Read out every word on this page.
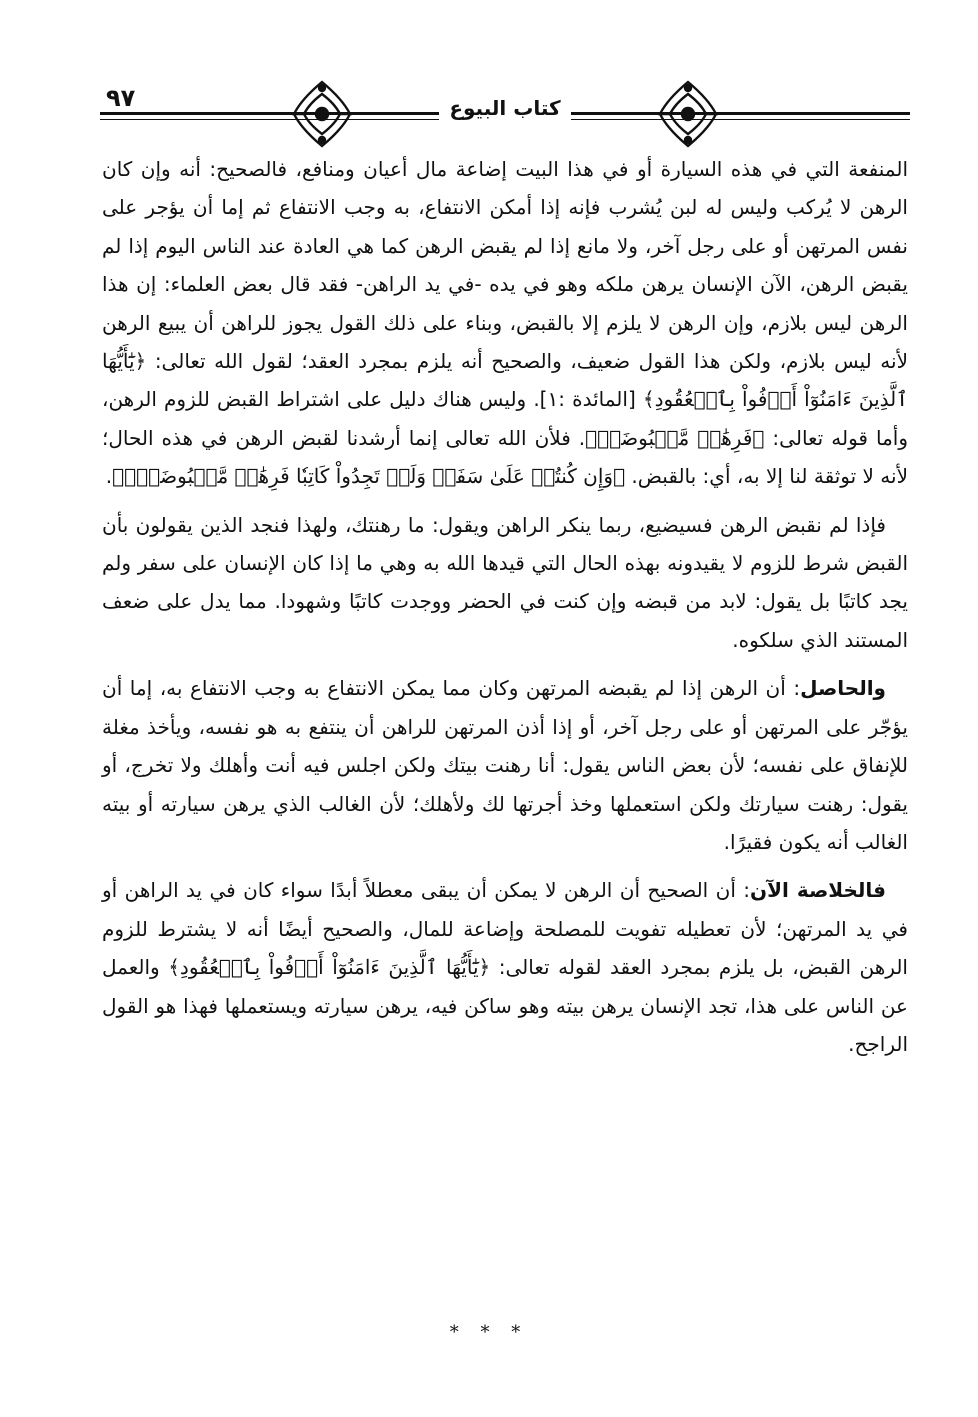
٩٧	كتاب البيوع

المنفعة التي في هذه السيارة أو في هذا البيت إضاعة مال أعيان ومنافع، فالصحيح: أنه وإن كان الرهن لا يُركب وليس له لبن يُشرب فإنه إذا أمكن الانتفاع، به وجب الانتفاع ثم إما أن يؤجر على نفس المرتهن أو على رجل آخر، ولا مانع إذا لم يقبض الرهن كما هي العادة عند الناس اليوم إذا لم يقبض الرهن، الآن الإنسان يرهن ملكه وهو في يده -في يد الراهن- فقد قال بعض العلماء: إن هذا الرهن ليس بلازم، وإن الرهن لا يلزم إلا بالقبض، وبناء على ذلك القول يجوز للراهن أن يبيع الرهن لأنه ليس بلازم، ولكن هذا القول ضعيف، والصحيح أنه يلزم بمجرد العقد؛ لقول الله تعالى: ﴿يَٰٓأَيُّهَا ٱلَّذِينَ ءَامَنُوٓاْ أَوۡفُواْ بِٱلۡعُقُودِ﴾ [المائدة :١]. وليس هناك دليل على اشتراط القبض للزوم الرهن، وأما قوله تعالى: ﴿فَرِهَٰنٞ مَّقۡبُوضَةٞ﴾. فلأن الله تعالى إنما أرشدنا لقبض الرهن في هذه الحال؛ لأنه لا توثقة لنا إلا به، أي: بالقبض. ﴿وَإِن كُنتُمۡ عَلَىٰ سَفَرٖ وَلَمۡ تَجِدُواْ كَاتِبٗا فَرِهَٰنٞ مَّقۡبُوضَةٞۖ﴾.

فإذا لم نقبض الرهن فسيضيع، ربما ينكر الراهن ويقول: ما رهنتك، ولهذا فنجد الذين يقولون بأن القبض شرط للزوم لا يقيدونه بهذه الحال التي قيدها الله به وهي ما إذا كان الإنسان على سفر ولم يجد كاتبًا بل يقول: لابد من قبضه وإن كنت في الحضر ووجدت كاتبًا وشهودا. مما يدل على ضعف المستند الذي سلكوه.

والحاصل: أن الرهن إذا لم يقبضه المرتهن وكان مما يمكن الانتفاع به وجب الانتفاع به، إما أن يؤجّر على المرتهن أو على رجل آخر، أو إذا أذن المرتهن للراهن أن ينتفع به هو نفسه، ويأخذ مغلة للإنفاق على نفسه؛ لأن بعض الناس يقول: أنا رهنت بيتك ولكن اجلس فيه أنت وأهلك ولا تخرج، أو يقول: رهنت سيارتك ولكن استعملها وخذ أجرتها لك ولأهلك؛ لأن الغالب الذي يرهن سيارته أو بيته الغالب أنه يكون فقيرًا.

فالخلاصة الآن: أن الصحيح أن الرهن لا يمكن أن يبقى معطلاً أبدًا سواء كان في يد الراهن أو في يد المرتهن؛ لأن تعطيله تفويت للمصلحة وإضاعة للمال، والصحيح أيضًا أنه لا يشترط للزوم الرهن القبض، بل يلزم بمجرد العقد لقوله تعالى: ﴿يَٰٓأَيُّهَا ٱلَّذِينَ ءَامَنُوٓاْ أَوۡفُواْ بِٱلۡعُقُودِ﴾ والعمل عن الناس على هذا، تجد الإنسان يرهن بيته وهو ساكن فيه، يرهن سيارته ويستعملها فهذا هو القول الراجح.

* * *
